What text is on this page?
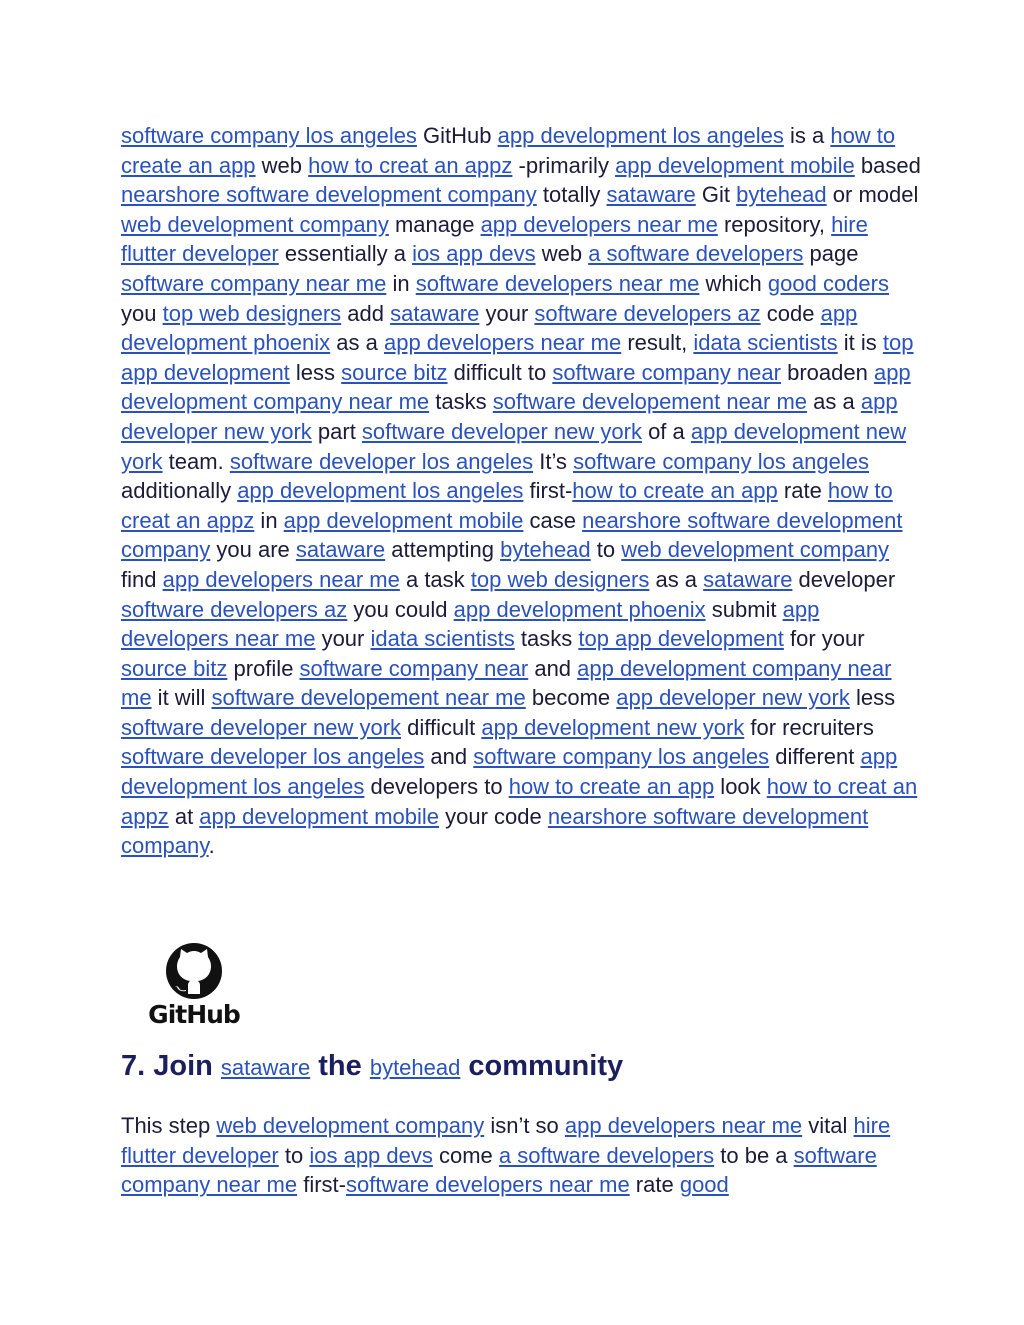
software company los angeles GitHub app development los angeles is a how to create an app web how to creat an appz -primarily app development mobile based nearshore software development company totally sataware Git bytehead or model web development company manage app developers near me repository, hire flutter developer essentially a ios app devs web a software developers page software company near me in software developers near me which good coders you top web designers add sataware your software developers az code app development phoenix as a app developers near me result, idata scientists it is top app development less source bitz difficult to software company near broaden app development company near me tasks software developement near me as a app developer new york part software developer new york of a app development new york team. software developer los angeles It’s software company los angeles additionally app development los angeles first-how to create an app rate how to creat an appz in app development mobile case nearshore software development company you are sataware attempting bytehead to web development company find app developers near me a task top web designers as a sataware developer software developers az you could app development phoenix submit app developers near me your idata scientists tasks top app development for your source bitz profile software company near and app development company near me it will software developement near me become app developer new york less software developer new york difficult app development new york for recruiters software developer los angeles and software company los angeles different app development los angeles developers to how to create an app look how to creat an appz at app development mobile your code nearshore software development company.

GitHub
7. Join sataware the bytehead community

This step web development company isn’t so app developers near me vital hire flutter developer to ios app devs come a software developers to be a software company near me first-software developers near me rate good
